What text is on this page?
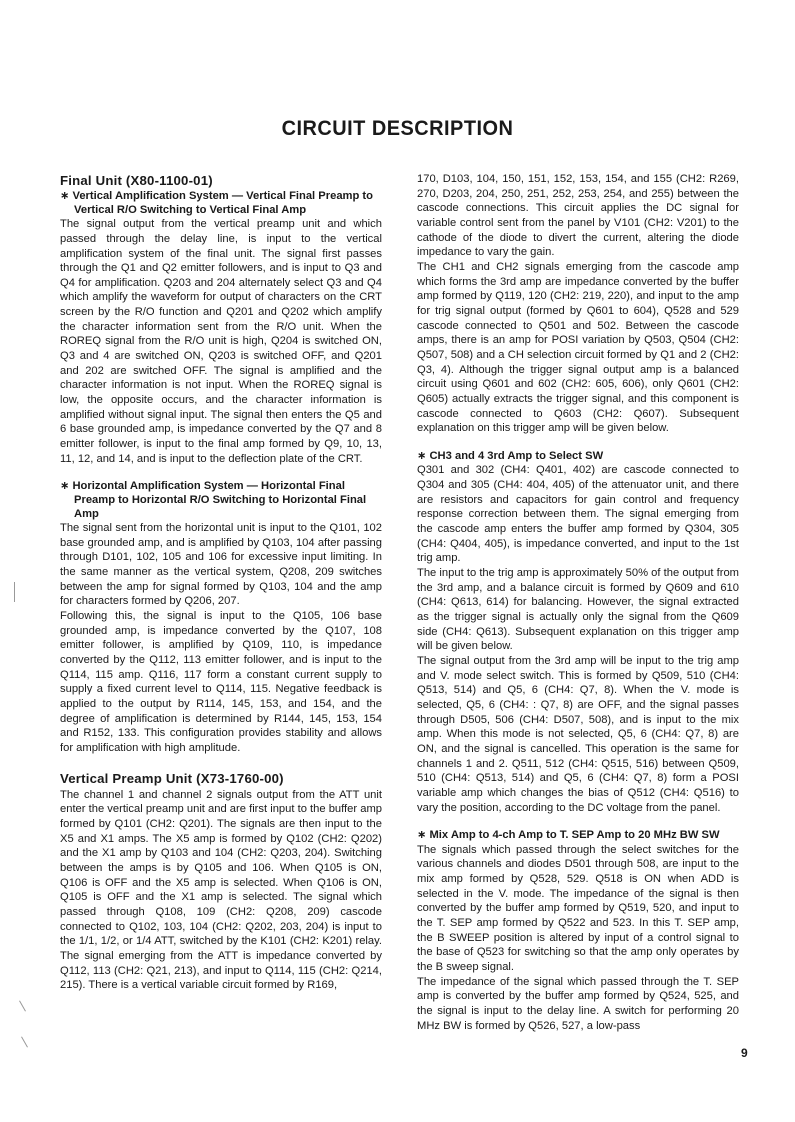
CIRCUIT DESCRIPTION
Final Unit (X80-1100-01)
∗ Vertical Amplification System — Vertical Final Preamp to Vertical R/O Switching to Vertical Final Amp

The signal output from the vertical preamp unit and which passed through the delay line, is input to the vertical amplification system of the final unit. The signal first passes through the Q1 and Q2 emitter followers, and is input to Q3 and Q4 for amplification. Q203 and 204 alternately select Q3 and Q4 which amplify the waveform for output of characters on the CRT screen by the R/O function and Q201 and Q202 which amplify the character information sent from the R/O unit. When the ROREQ signal from the R/O unit is high, Q204 is switched ON, Q3 and 4 are switched ON, Q203 is switched OFF, and Q201 and 202 are switched OFF. The signal is amplified and the character information is not input. When the ROREQ signal is low, the opposite occurs, and the character information is amplified without signal input. The signal then enters the Q5 and 6 base grounded amp, is impedance converted by the Q7 and 8 emitter follower, is input to the final amp formed by Q9, 10, 13, 11, 12, and 14, and is input to the deflection plate of the CRT.

∗ Horizontal Amplification System — Horizontal Final Preamp to Horizontal R/O Switching to Horizontal Final Amp

The signal sent from the horizontal unit is input to the Q101, 102 base grounded amp, and is amplified by Q103, 104 after passing through D101, 102, 105 and 106 for excessive input limiting. In the same manner as the vertical system, Q208, 209 switches between the amp for signal formed by Q103, 104 and the amp for characters formed by Q206, 207.

Following this, the signal is input to the Q105, 106 base grounded amp, is impedance converted by the Q107, 108 emitter follower, is amplified by Q109, 110, is impedance converted by the Q112, 113 emitter follower, and is input to the Q114, 115 amp. Q116, 117 form a constant current supply to supply a fixed current level to Q114, 115. Negative feedback is applied to the output by R114, 145, 153, and 154, and the degree of amplification is determined by R144, 145, 153, 154 and R152, 133. This configuration provides stability and allows for amplification with high amplitude.

Vertical Preamp Unit (X73-1760-00)

The channel 1 and channel 2 signals output from the ATT unit enter the vertical preamp unit and are first input to the buffer amp formed by Q101 (CH2: Q201). The signals are then input to the X5 and X1 amps. The X5 amp is formed by Q102 (CH2: Q202) and the X1 amp by Q103 and 104 (CH2: Q203, 204). Switching between the amps is by Q105 and 106. When Q105 is ON, Q106 is OFF and the X5 amp is selected. When Q106 is ON, Q105 is OFF and the X1 amp is selected. The signal which passed through Q108, 109 (CH2: Q208, 209) cascode connected to Q102, 103, 104 (CH2: Q202, 203, 204) is input to the 1/1, 1/2, or 1/4 ATT, switched by the K101 (CH2: K201) relay. The signal emerging from the ATT is impedance converted by Q112, 113 (CH2: Q21, 213), and input to Q114, 115 (CH2: Q214, 215). There is a vertical variable circuit formed by R169,

170, D103, 104, 150, 151, 152, 153, 154, and 155 (CH2: R269, 270, D203, 204, 250, 251, 252, 253, 254, and 255) between the cascode connections. This circuit applies the DC signal for variable control sent from the panel by V101 (CH2: V201) to the cathode of the diode to divert the current, altering the diode impedance to vary the gain.

The CH1 and CH2 signals emerging from the cascode amp which forms the 3rd amp are impedance converted by the buffer amp formed by Q119, 120 (CH2: 219, 220), and input to the amp for trig signal output (formed by Q601 to 604), Q528 and 529 cascode connected to Q501 and 502. Between the cascode amps, there is an amp for POSI variation by Q503, Q504 (CH2: Q507, 508) and a CH selection circuit formed by Q1 and 2 (CH2: Q3, 4). Although the trigger signal output amp is a balanced circuit using Q601 and 602 (CH2: 605, 606), only Q601 (CH2: Q605) actually extracts the trigger signal, and this component is cascode connected to Q603 (CH2: Q607). Subsequent explanation on this trigger amp will be given below.

∗ CH3 and 4 3rd Amp to Select SW

Q301 and 302 (CH4: Q401, 402) are cascode connected to Q304 and 305 (CH4: 404, 405) of the attenuator unit, and there are resistors and capacitors for gain control and frequency response correction between them. The signal emerging from the cascode amp enters the buffer amp formed by Q304, 305 (CH4: Q404, 405), is impedance converted, and input to the 1st trig amp.

The input to the trig amp is approximately 50% of the output from the 3rd amp, and a balance circuit is formed by Q609 and 610 (CH4: Q613, 614) for balancing. However, the signal extracted as the trigger signal is actually only the signal from the Q609 side (CH4: Q613). Subsequent explanation on this trigger amp will be given below.

The signal output from the 3rd amp will be input to the trig amp and V. mode select switch. This is formed by Q509, 510 (CH4: Q513, 514) and Q5, 6 (CH4: Q7, 8). When the V. mode is selected, Q5, 6 (CH4: : Q7, 8) are OFF, and the signal passes through D505, 506 (CH4: D507, 508), and is input to the mix amp. When this mode is not selected, Q5, 6 (CH4: Q7, 8) are ON, and the signal is cancelled. This operation is the same for channels 1 and 2. Q511, 512 (CH4: Q515, 516) between Q509, 510 (CH4: Q513, 514) and Q5, 6 (CH4: Q7, 8) form a POSI variable amp which changes the bias of Q512 (CH4: Q516) to vary the position, according to the DC voltage from the panel.

∗ Mix Amp to 4-ch Amp to T. SEP Amp to 20 MHz BW SW

The signals which passed through the select switches for the various channels and diodes D501 through 508, are input to the mix amp formed by Q528, 529. Q518 is ON when ADD is selected in the V. mode. The impedance of the signal is then converted by the buffer amp formed by Q519, 520, and input to the T. SEP amp formed by Q522 and 523. In this T. SEP amp, the B SWEEP position is altered by input of a control signal to the base of Q523 for switching so that the amp only operates by the B sweep signal.

The impedance of the signal which passed through the T. SEP amp is converted by the buffer amp formed by Q524, 525, and the signal is input to the delay line. A switch for performing 20 MHz BW is formed by Q526, 527, a low-pass

9
